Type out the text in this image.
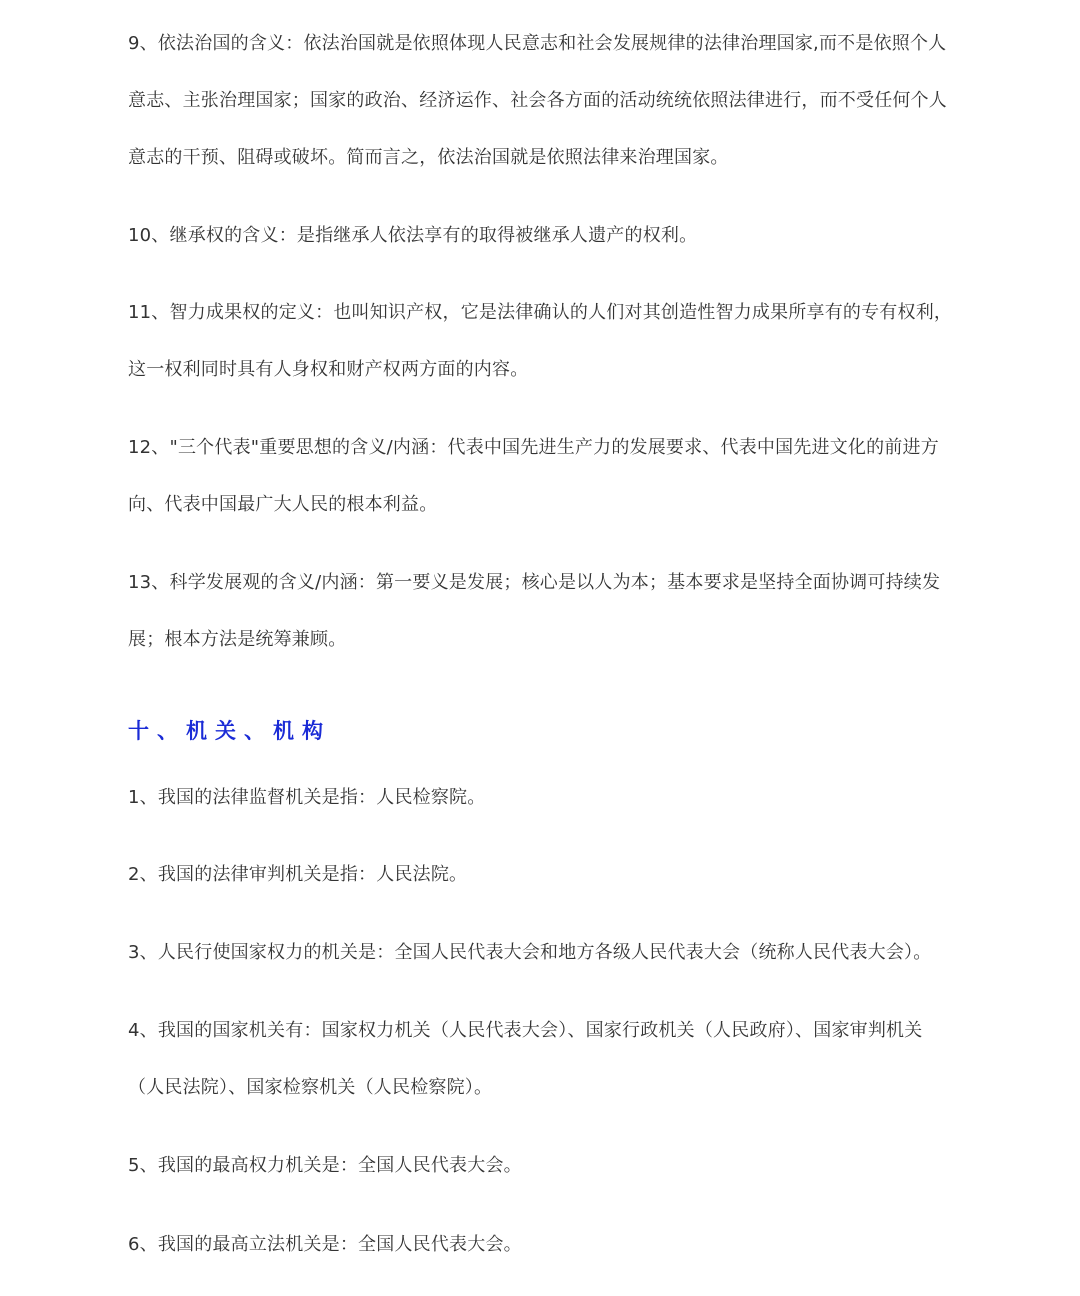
9、依法治国的含义：依法治国就是依照体现人民意志和社会发展规律的法律治理国家,而不是依照个人意志、主张治理国家；国家的政治、经济运作、社会各方面的活动统统依照法律进行，而不受任何个人意志的干预、阻碍或破坏。简而言之，依法治国就是依照法律来治理国家。

10、继承权的含义：是指继承人依法享有的取得被继承人遗产的权利。

11、智力成果权的定义：也叫知识产权，它是法律确认的人们对其创造性智力成果所享有的专有权利，这一权利同时具有人身权和财产权两方面的内容。

12、"三个代表"重要思想的含义/内涵：代表中国先进生产力的发展要求、代表中国先进文化的前进方向、代表中国最广大人民的根本利益。

13、科学发展观的含义/内涵：第一要义是发展；核心是以人为本；基本要求是坚持全面协调可持续发展；根本方法是统筹兼顾。

十、机关、机构

1、我国的法律监督机关是指：人民检察院。

2、我国的法律审判机关是指：人民法院。

3、人民行使国家权力的机关是：全国人民代表大会和地方各级人民代表大会（统称人民代表大会）。

4、我国的国家机关有：国家权力机关（人民代表大会）、国家行政机关（人民政府）、国家审判机关（人民法院）、国家检察机关（人民检察院）。

5、我国的最高权力机关是：全国人民代表大会。

6、我国的最高立法机关是：全国人民代表大会。
